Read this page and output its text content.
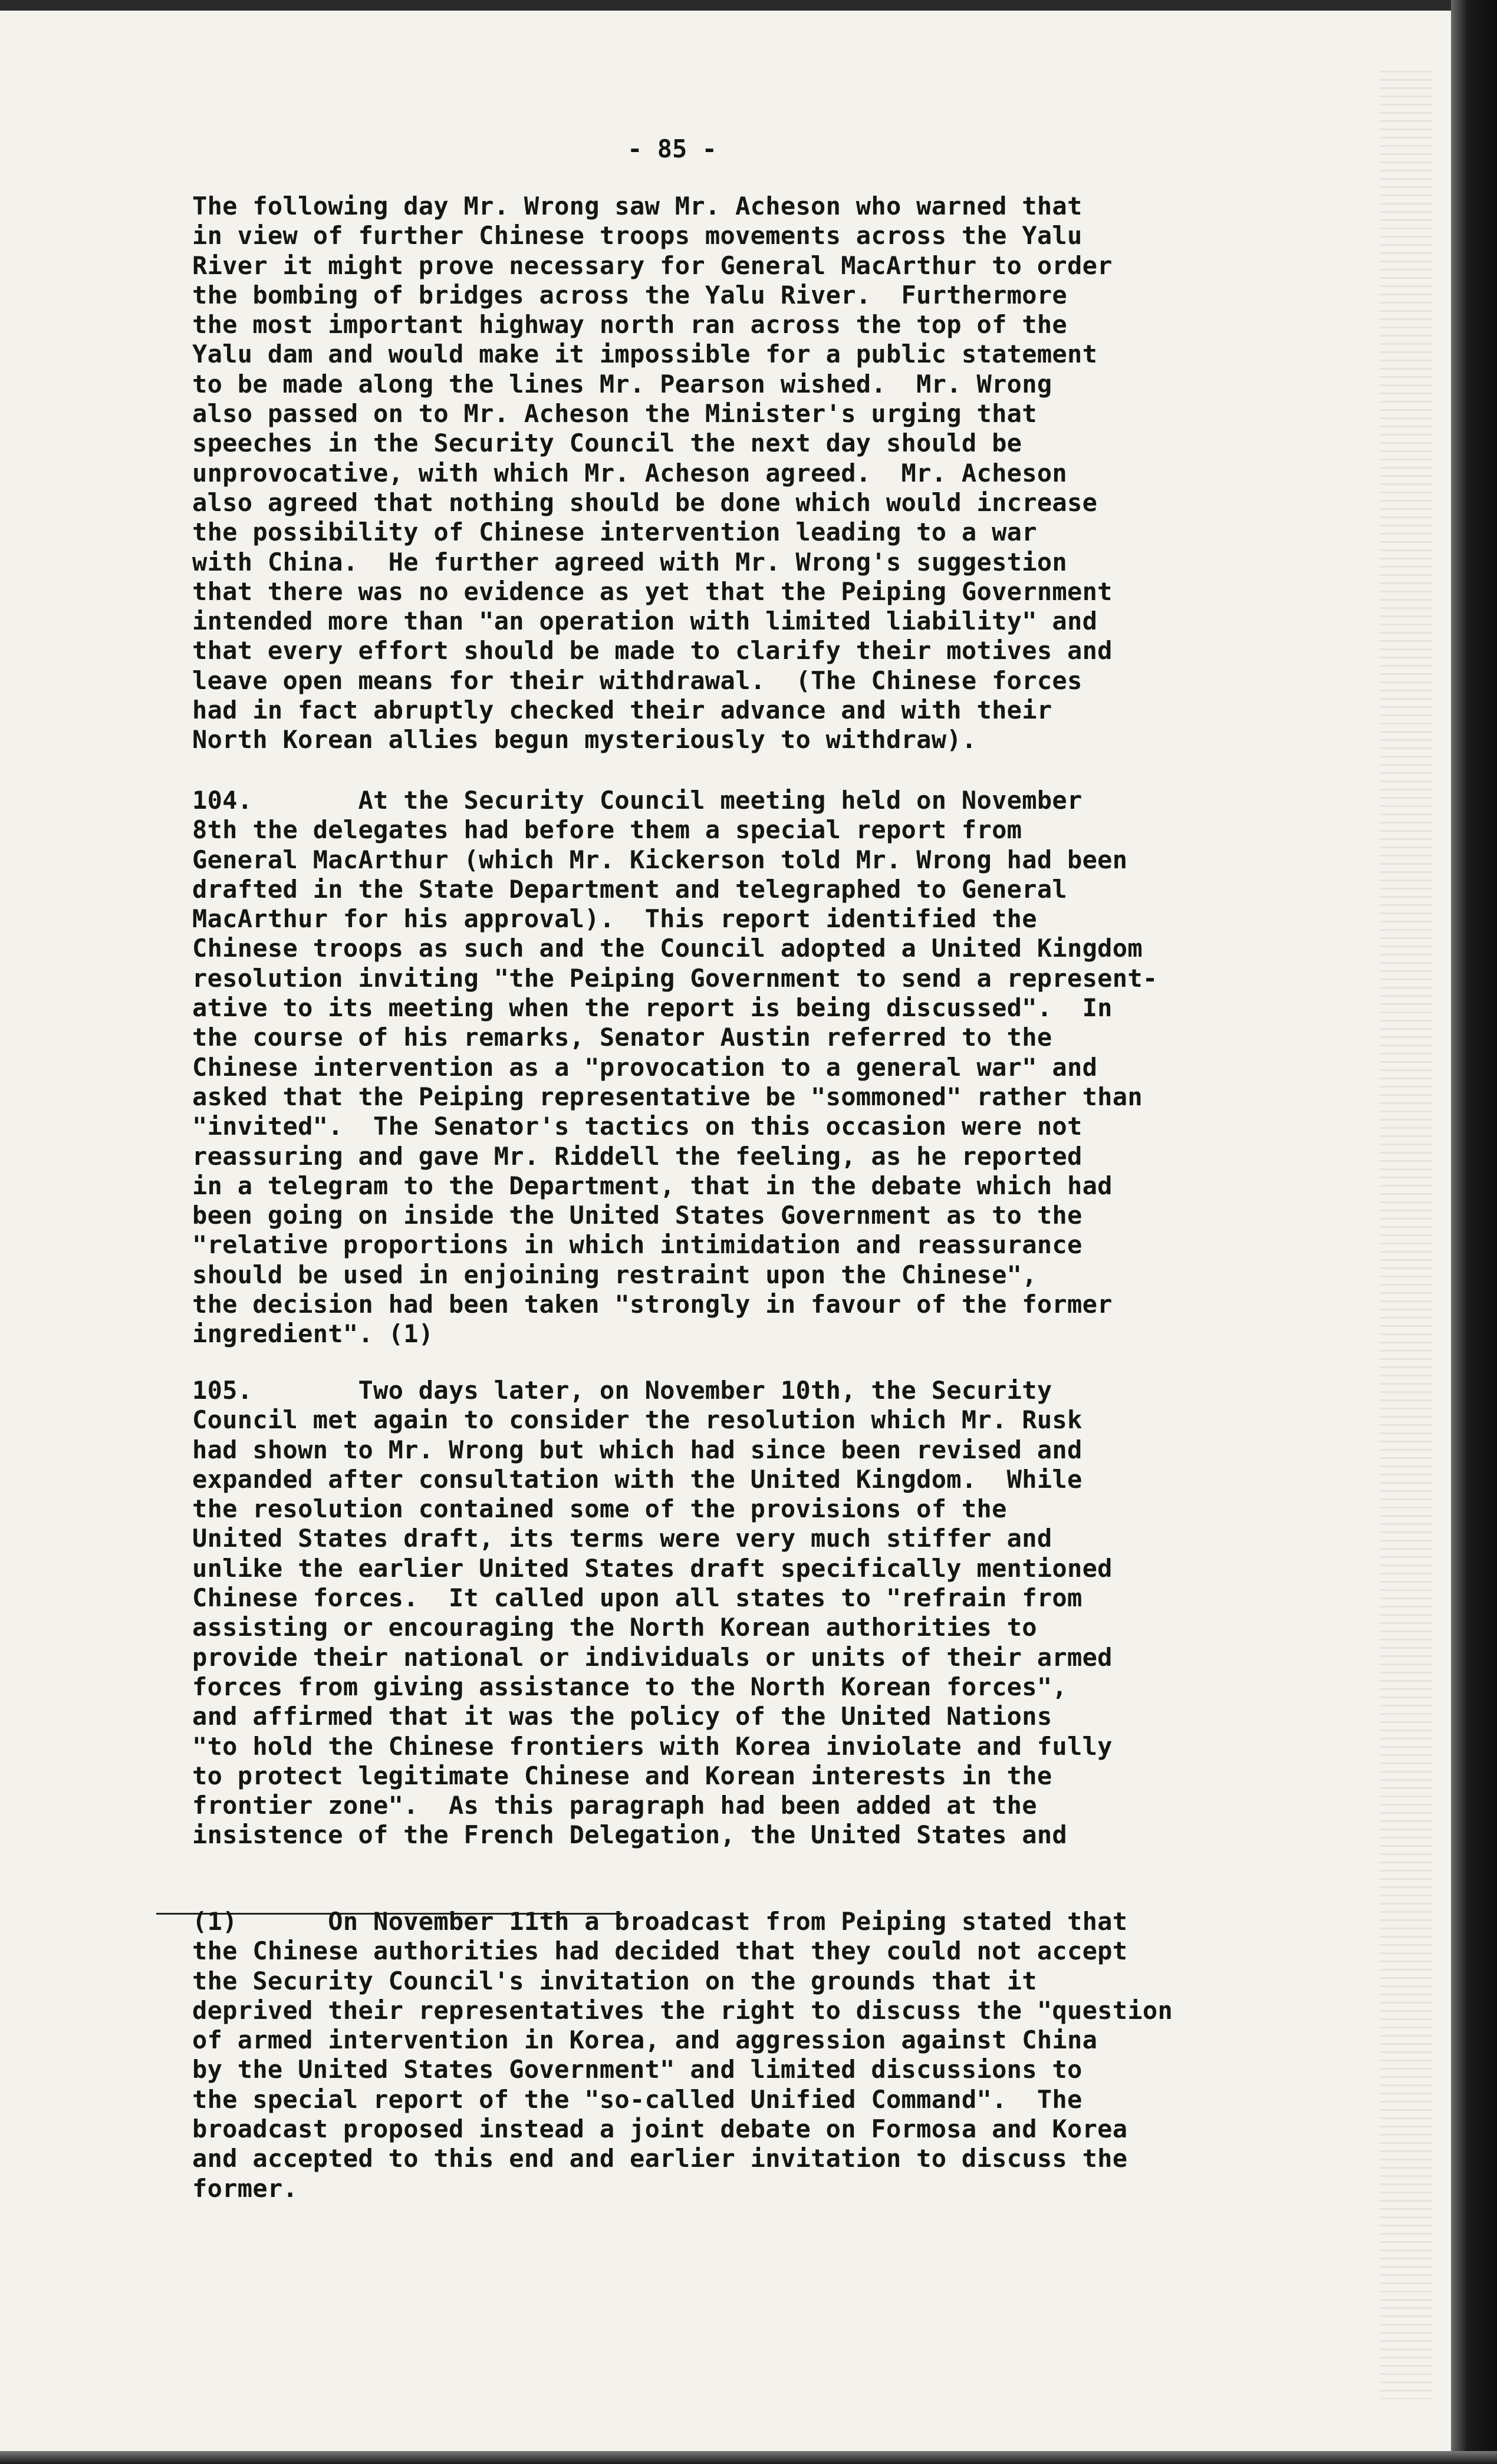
- 85 -

The following day Mr. Wrong saw Mr. Acheson who warned that
in view of further Chinese troops movements across the Yalu
River it might prove necessary for General MacArthur to order
the bombing of bridges across the Yalu River.  Furthermore
the most important highway north ran across the top of the
Yalu dam and would make it impossible for a public statement
to be made along the lines Mr. Pearson wished.  Mr. Wrong
also passed on to Mr. Acheson the Minister's urging that
speeches in the Security Council the next day should be
unprovocative, with which Mr. Acheson agreed.  Mr. Acheson
also agreed that nothing should be done which would increase
the possibility of Chinese intervention leading to a war
with China.  He further agreed with Mr. Wrong's suggestion
that there was no evidence as yet that the Peiping Government
intended more than "an operation with limited liability" and
that every effort should be made to clarify their motives and
leave open means for their withdrawal.  (The Chinese forces
had in fact abruptly checked their advance and with their
North Korean allies begun mysteriously to withdraw).

104.       At the Security Council meeting held on November
8th the delegates had before them a special report from
General MacArthur (which Mr. Kickerson told Mr. Wrong had been
drafted in the State Department and telegraphed to General
MacArthur for his approval).  This report identified the
Chinese troops as such and the Council adopted a United Kingdom
resolution inviting "the Peiping Government to send a represent-
ative to its meeting when the report is being discussed".  In
the course of his remarks, Senator Austin referred to the
Chinese intervention as a "provocation to a general war" and
asked that the Peiping representative be "sommoned" rather than
"invited".  The Senator's tactics on this occasion were not
reassuring and gave Mr. Riddell the feeling, as he reported
in a telegram to the Department, that in the debate which had
been going on inside the United States Government as to the
"relative proportions in which intimidation and reassurance
should be used in enjoining restraint upon the Chinese",
the decision had been taken "strongly in favour of the former
ingredient". (1)

105.       Two days later, on November 10th, the Security
Council met again to consider the resolution which Mr. Rusk
had shown to Mr. Wrong but which had since been revised and
expanded after consultation with the United Kingdom.  While
the resolution contained some of the provisions of the
United States draft, its terms were very much stiffer and
unlike the earlier United States draft specifically mentioned
Chinese forces.  It called upon all states to "refrain from
assisting or encouraging the North Korean authorities to
provide their national or individuals or units of their armed
forces from giving assistance to the North Korean forces",
and affirmed that it was the policy of the United Nations
"to hold the Chinese frontiers with Korea inviolate and fully
to protect legitimate Chinese and Korean interests in the
frontier zone".  As this paragraph had been added at the
insistence of the French Delegation, the United States and

(1)      On November 11th a broadcast from Peiping stated that
the Chinese authorities had decided that they could not accept
the Security Council's invitation on the grounds that it
deprived their representatives the right to discuss the "question
of armed intervention in Korea, and aggression against China
by the United States Government" and limited discussions to
the special report of the "so-called Unified Command".  The
broadcast proposed instead a joint debate on Formosa and Korea
and accepted to this end and earlier invitation to discuss the
former.
